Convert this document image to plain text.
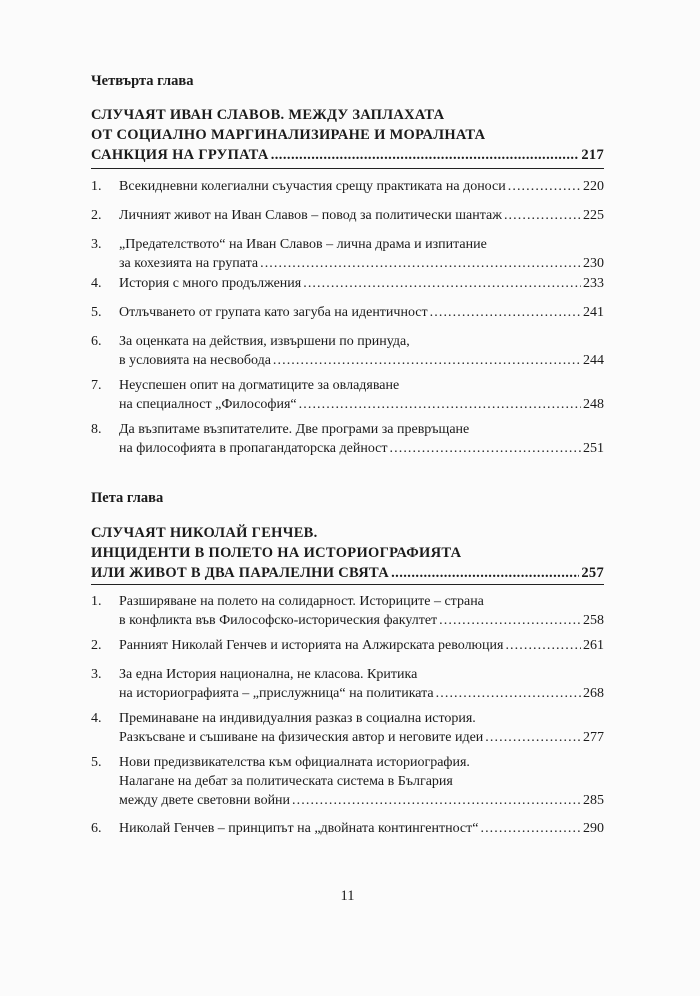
Четвърта глава
СЛУЧАЯТ ИВАН СЛАВОВ. МЕЖДУ ЗАПЛАХАТА
ОТ СОЦИАЛНО МАРГИНАЛИЗИРАНЕ И МОРАЛНАТА
САНКЦИЯ НА ГРУПАТА . . .	217
1. Всекидневни колегиални съучастия срещу практиката на доноси . . .	220
2. Личният живот на Иван Славов – повод за политически шантаж . . .	225
3. „Предателството“ на Иван Славов – лична драма и изпитание
за кохезията на групата . . .	230
4. История с много продължения . . .	233
5. Отлъчването от групата като загуба на идентичност . . .	241
6. За оценката на действия, извършени по принуда,
в условията на несвобода . . .	244
7. Неуспешен опит на догматиците за овладяване
на специалност „Философия“ . . .	248
8. Да възпитаме възпитателите. Две програми за превръщане
на философията в пропагандаторска дейност . . .	251
Пета глава
СЛУЧАЯТ НИКОЛАЙ ГЕНЧЕВ.
ИНЦИДЕНТИ В ПОЛЕТО НА ИСТОРИОГРАФИЯТА
ИЛИ ЖИВОТ В ДВА ПАРАЛЕЛНИ СВЯТА . . .	257
1. Разширяване на полето на солидарност. Историците – страна
в конфликта във Философско-историческия факултет . . .	258
2. Ранният Николай Генчев и историята на Алжирската революция . . .	261
3. За една История национална, не класова. Критика
на историографията – „прислужница“ на политиката . . .	268
4. Преминаване на индивидуалния разказ в социална история.
Разкъсване и съшиване на физическия автор и неговите идеи . . .	277
5. Нови предизвикателства към официалната историография.
Налагане на дебат за политическата система в България
между двете световни войни . . .	285
6. Николай Генчев – принципът на „двойната контингентност“ . . .	290
11
